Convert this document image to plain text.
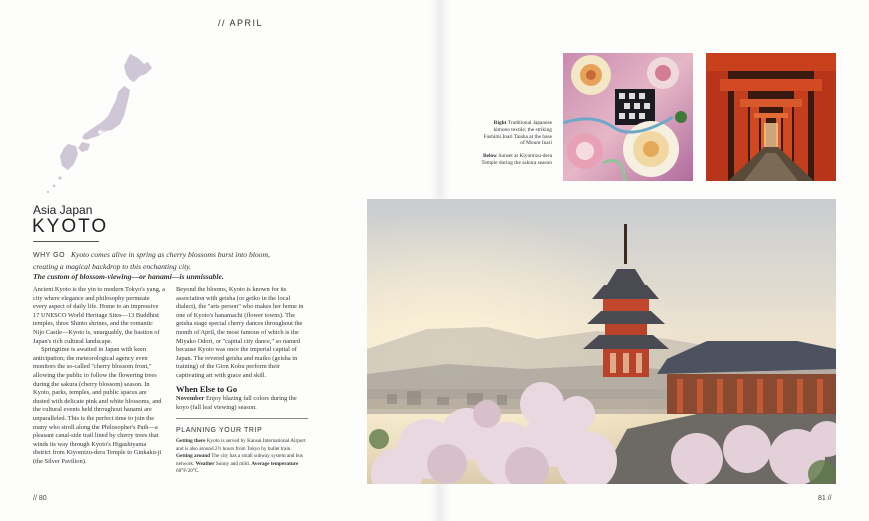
// APRIL
KYOTO
Asia Japan
KYOTO
WHY GO Kyoto comes alive in spring as cherry blossoms burst into bloom, creating a magical backdrop to this enchanting city.
The custom of blossom-viewing—or hanami—is unmissable.

Ancient Kyoto is the yin to modern Tokyo's yang, a city where elegance and philosophy permeate every aspect of daily life. Home to an impressive 17 UNESCO World Heritage Sites—13 Buddhist temples, three Shinto shrines, and the romantic Nijo Castle—Kyoto is, unarguably, the bastion of Japan's rich cultural landscape.

Springtime is awaited in Japan with keen anticipation; the meteorological agency even monitors the so-called "cherry blossom front," allowing the public to follow the flowering trees during the sakura (cherry blossom) season. In Kyoto, parks, temples, and public spaces are dusted with delicate pink and white blossoms, and the cultural events held throughout hanami are unparalleled. This is the perfect time to join the many who stroll along the Philosopher's Path—a pleasant canal-side trail lined by cherry trees that winds its way through Kyoto's Higashiyama district from Kiyomizu-dera Temple to Ginkaku-ji (the Silver Pavilion).

Beyond the blooms, Kyoto is known for its association with geisha (or geiko in the local dialect), the "arts person" who makes her home in one of Kyoto's hanamachi (flower towns). The geisha stage special cherry dances throughout the month of April, the most famous of which is the Miyako Odori, or "capital city dance," so named because Kyoto was once the imperial capital of Japan. The revered geisha and maiko (geisha in training) of the Gion Kobu perform their captivating art with grace and skill.

When Else to Go

November Enjoy blazing fall colors during the koyo (fall leaf viewing) season.

PLANNING YOUR TRIP

Getting there Kyoto is served by Kansai International Airport and is also around 2½ hours from Tokyo by bullet train. Getting around The city has a small subway system and bus network. Weather Sunny and mild. Average temperature 68°F/20°C.

// 80	81 //
Right Traditional Japanese kimono textile; the striking Fushimi Inari Taisha at the base of Mount Inari
Below Sunset at Kiyomizu-dera Temple during the sakura season
